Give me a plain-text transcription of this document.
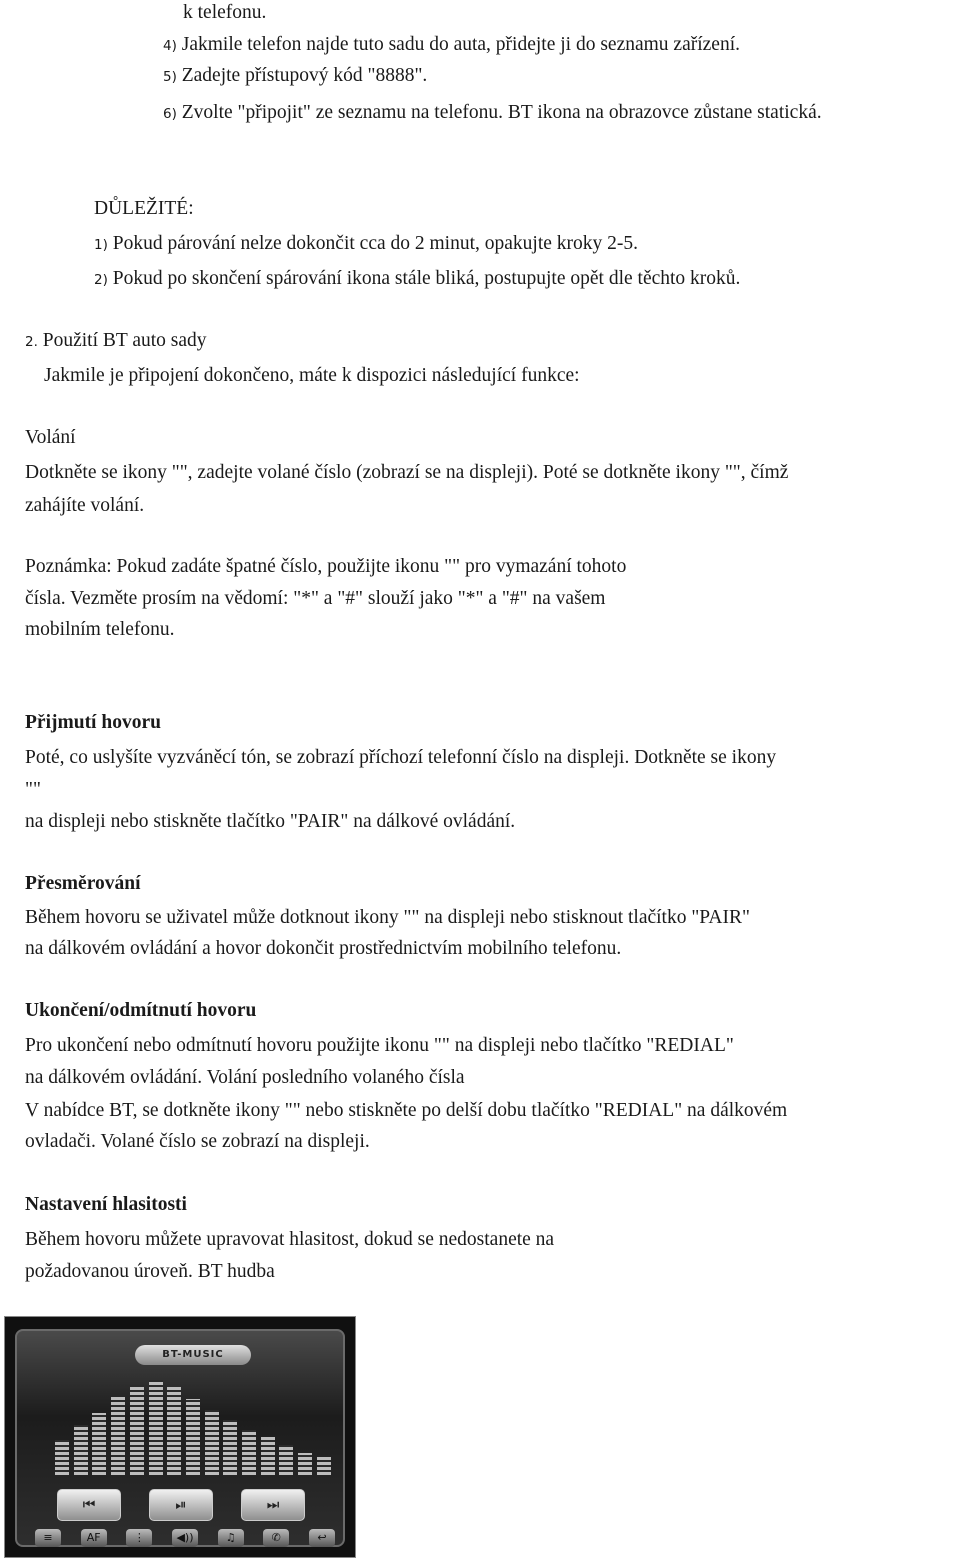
k telefonu.
4) Jakmile telefon najde tuto sadu do auta, přidejte ji do seznamu zařízení.
5) Zadejte přístupový kód "8888".
6) Zvolte "připojit" ze seznamu na telefonu. BT ikona na obrazovce zůstane statická.
DŮLEŽITÉ:
1) Pokud párování nelze dokončit cca do 2 minut, opakujte kroky 2-5.
2) Pokud po skončení spárování ikona stále bliká, postupujte opět dle těchto kroků.
2. Použití BT auto sady
Jakmile je připojení dokončeno, máte k dispozici následující funkce:
Volání
Dotkněte se ikony "", zadejte volané číslo (zobrazí se na displeji). Poté se dotkněte ikony "", čímž
zahájíte volání.
Poznámka: Pokud zadáte špatné číslo, použijte ikonu "" pro vymazání tohoto
čísla. Vezměte prosím na vědomí: "*" a "#" slouží jako "*" a "#" na vašem
mobilním telefonu.
Přijmutí hovoru
Poté, co uslyšíte vyzváněcí tón, se zobrazí příchozí telefonní číslo na displeji. Dotkněte se ikony
""
na displeji nebo stiskněte tlačítko "PAIR" na dálkové ovládání.
Přesměrování
Během hovoru se uživatel může dotknout ikony "" na displeji nebo stisknout tlačítko "PAIR"
na dálkovém ovládání a hovor dokončit prostřednictvím mobilního telefonu.
Ukončení/odmítnutí hovoru
Pro ukončení nebo odmítnutí hovoru použijte ikonu "" na displeji nebo tlačítko "REDIAL"
na dálkovém ovládání. Volání posledního volaného čísla
V nabídce BT, se dotkněte ikony "" nebo stiskněte po delší dobu tlačítko "REDIAL" na dálkovém
ovladači. Volané číslo se zobrazí na displeji.
Nastavení hlasitosti
Během hovoru můžete upravovat hlasitost, dokud se nedostanete na
požadovanou úroveň. BT hudba
BT-MUSIC
⏮	⏯	⏭
≡	AF	⋮	◀))	♫	✆	↩
